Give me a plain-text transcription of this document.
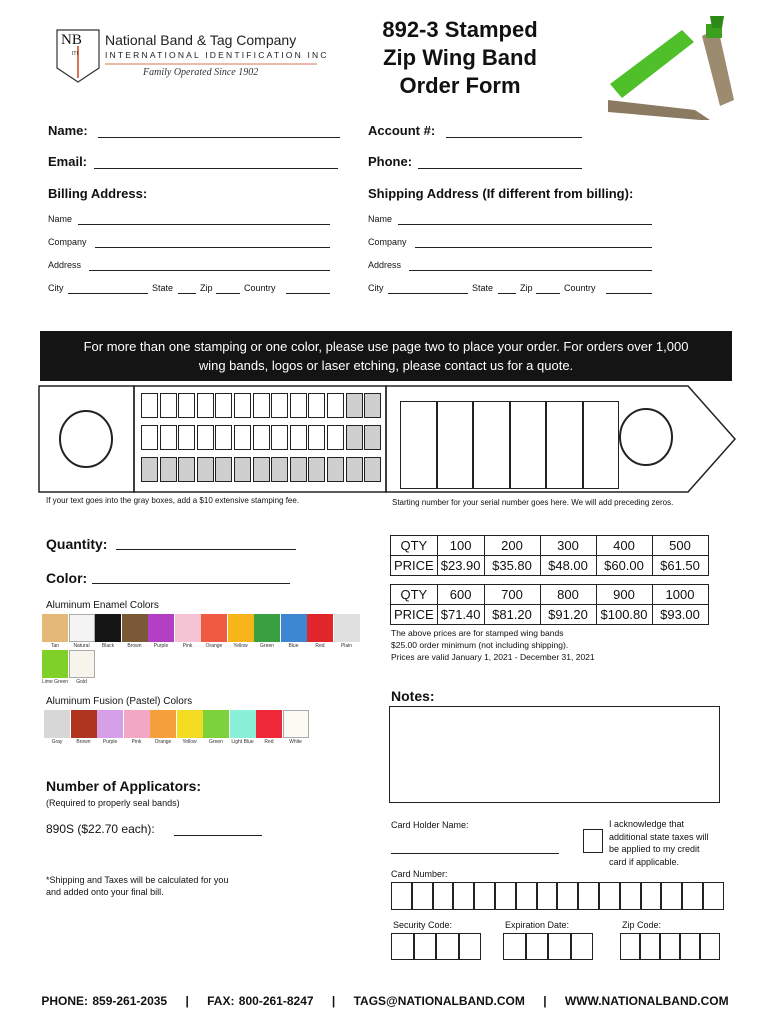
NB
ITI
National Band & Tag Company
INTERNATIONAL IDENTIFICATION INC
Family Operated Since 1902
892-3 Stamped
Zip Wing Band
Order Form
Name:	Account #:
Email:	Phone:
Billing Address:	Shipping Address (If different from billing):
Name
Company
Address
City	State	Zip	Country
Name
Company
Address
City	State	Zip	Country
For more than one stamping or one color, please use page two to place your order. For orders over 1,000
wing bands, logos or laser etching, please contact us for a quote.
If your text goes into the gray boxes, add a $10 extensive stamping fee.	Starting number for your serial number goes here. We will add preceding zeros.
Quantity:
Color:
Aluminum Enamel Colors
Aluminum Fusion (Pastel) Colors
QTY	100	200	300	400	500
PRICE	$23.90	$35.80	$48.00	$60.00	$61.50
QTY	600	700	800	900	1000
PRICE	$71.40	$81.20	$91.20	$100.80	$93.00
The above prices are for stamped wing bands
$25.00 order minimum (not including shipping).
Prices are valid January 1, 2021 - December 31, 2021
Notes:
Number of Applicators:
(Required to properly seal bands)
890S ($22.70 each):
*Shipping and Taxes will be calculated for you
and added onto your final bill.
Card Holder Name:	I acknowledge that
additional state taxes will
be applied to my credit
card if applicable.
Card Number:
Security Code:	Expiration Date:	Zip Code:
PHONE: 859-261-2035 | FAX: 800-261-8247 | TAGS@NATIONALBAND.COM | WWW.NATIONALBAND.COM
Tan	Natural	Black	Brown	Purple	Pink	Orange	Yellow	Green	Blue	Red	Plain
Lime Green	Gold
Gray	Brown	Purple	Pink	Orange	Yellow	Green	Light Blue	Red	White
